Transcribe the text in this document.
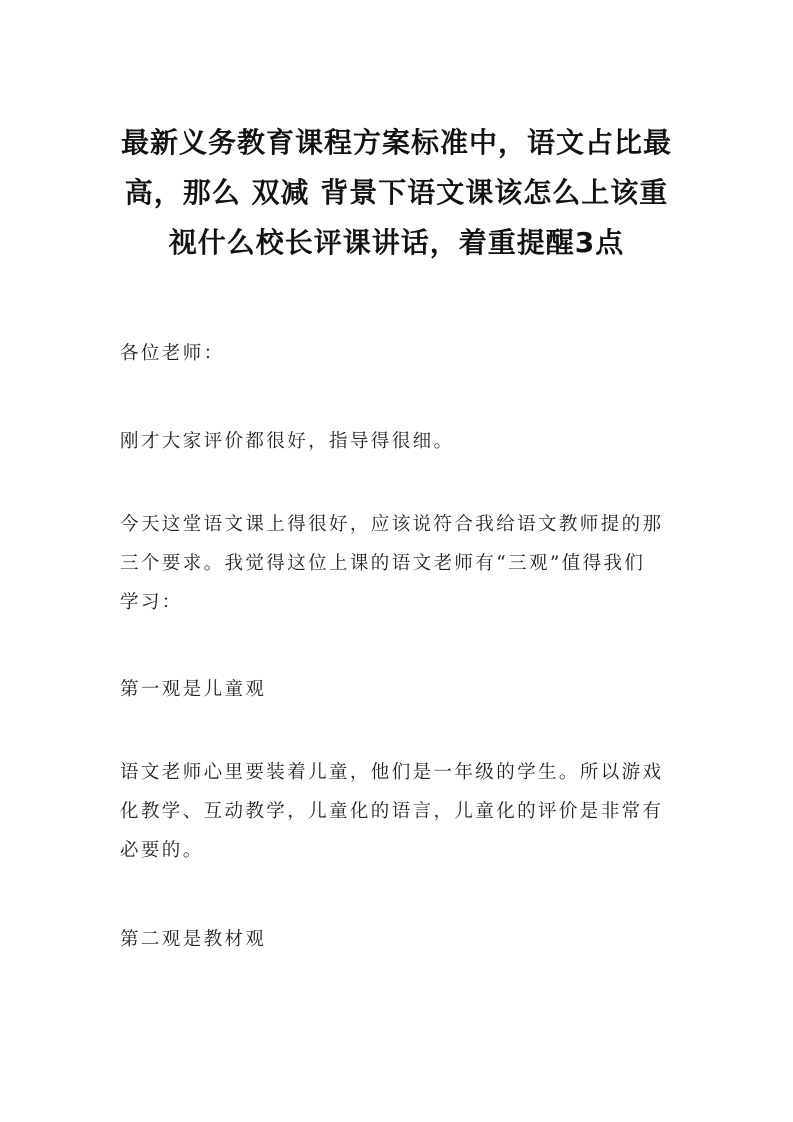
最新义务教育课程方案标准中，语文占比最
高，那么 双减 背景下语文课该怎么上该重
视什么校长评课讲话，着重提醒3点

各位老师：

刚才大家评价都很好，指导得很细。

今天这堂语文课上得很好，应该说符合我给语文教师提的那
三个要求。我觉得这位上课的语文老师有“三观”值得我们
学习：

第一观是儿童观

语文老师心里要装着儿童，他们是一年级的学生。所以游戏
化教学、互动教学，儿童化的语言，儿童化的评价是非常有
必要的。

第二观是教材观
